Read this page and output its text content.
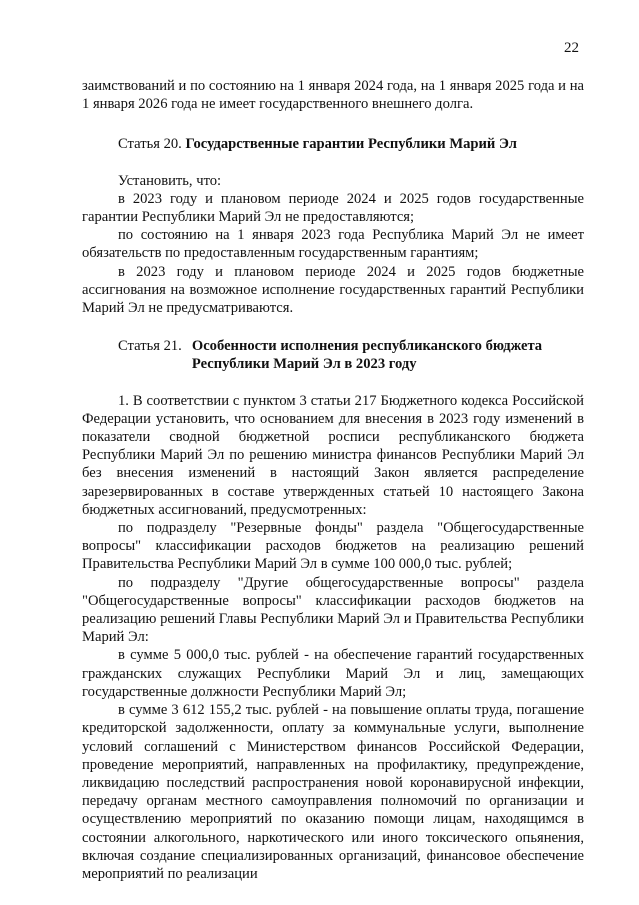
22

заимствований и по состоянию на 1 января 2024 года, на 1 января 2025 года и на 1 января 2026 года не имеет государственного внешнего долга.

Статья 20. Государственные гарантии Республики Марий Эл

Установить, что:

в 2023 году и плановом периоде 2024 и 2025 годов государственные гарантии Республики Марий Эл не предоставляются;

по состоянию на 1 января 2023 года Республика Марий Эл не имеет обязательств по предоставленным государственным гарантиям;

в 2023 году и плановом периоде 2024 и 2025 годов бюджетные ассигнования на возможное исполнение государственных гарантий Республики Марий Эл не предусматриваются.

Статья 21. Особенности исполнения республиканского бюджета
Республики Марий Эл в 2023 году

1. В соответствии с пунктом 3 статьи 217 Бюджетного кодекса Российской Федерации установить, что основанием для внесения в 2023 году изменений в показатели сводной бюджетной росписи республиканского бюджета Республики Марий Эл по решению министра финансов Республики Марий Эл без внесения изменений в настоящий Закон является распределение зарезервированных в составе утвержденных статьей 10 настоящего Закона бюджетных ассигнований, предусмотренных:

по подразделу "Резервные фонды" раздела "Общегосударственные вопросы" классификации расходов бюджетов на реализацию решений Правительства Республики Марий Эл в сумме 100 000,0 тыс. рублей;

по подразделу "Другие общегосударственные вопросы" раздела "Общегосударственные вопросы" классификации расходов бюджетов на реализацию решений Главы Республики Марий Эл и Правительства Республики Марий Эл:

в сумме 5 000,0 тыс. рублей - на обеспечение гарантий государственных гражданских служащих Республики Марий Эл и лиц, замещающих государственные должности Республики Марий Эл;

в сумме 3 612 155,2 тыс. рублей - на повышение оплаты труда, погашение кредиторской задолженности, оплату за коммунальные услуги, выполнение условий соглашений с Министерством финансов Российской Федерации, проведение мероприятий, направленных на профилактику, предупреждение, ликвидацию последствий распространения новой коронавирусной инфекции, передачу органам местного самоуправления полномочий по организации и осуществлению мероприятий по оказанию помощи лицам, находящимся в состоянии алкогольного, наркотического или иного токсического опьянения, включая создание специализированных организаций, финансовое обеспечение мероприятий по реализации
